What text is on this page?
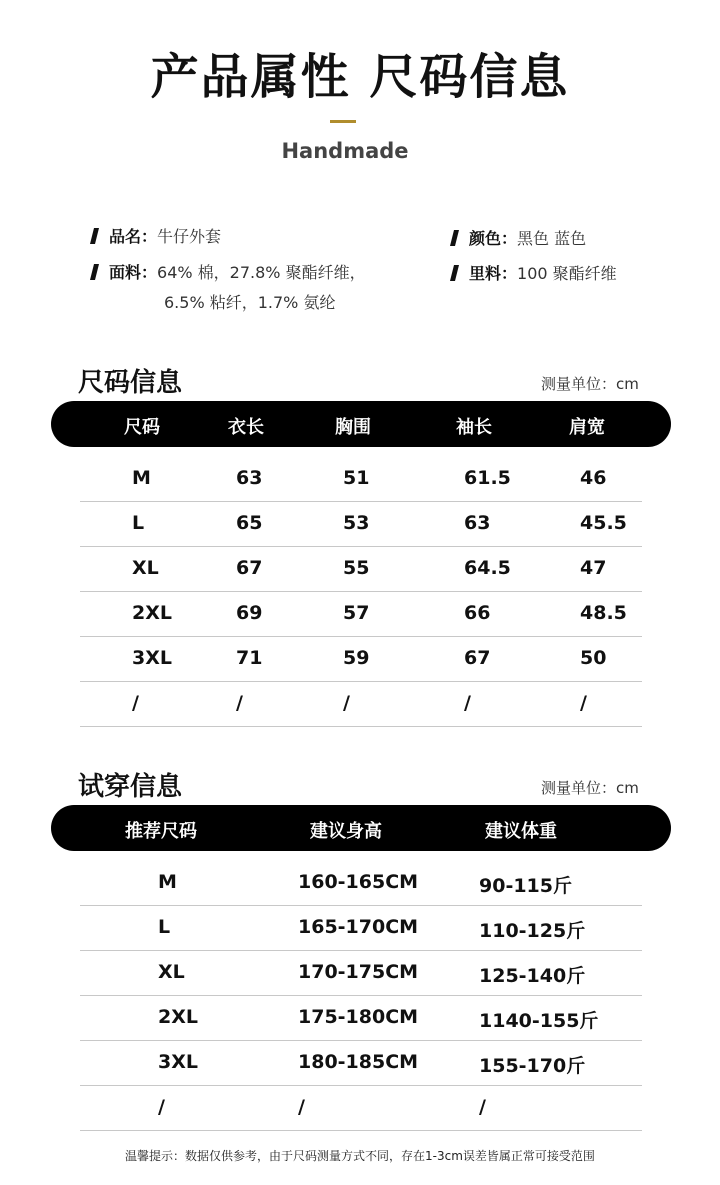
产品属性 尺码信息
Handmade
品名：牛仔外套	颜色：黑色 蓝色
面料：64% 棉，27.8% 聚酯纤维，
6.5% 粘纤，1.7% 氨纶
里料：100 聚酯纤维
尺码信息	测量单位：cm
尺码	衣长	胸围	袖长	肩宽
M	63	51	61.5	46
L	65	53	63	45.5
XL	67	55	64.5	47
2XL	69	57	66	48.5
3XL	71	59	67	50
/	/	/	/	/
试穿信息	测量单位：cm
推荐尺码	建议身高	建议体重
M	160-165CM	90-115斤
L	165-170CM	110-125斤
XL	170-175CM	125-140斤
2XL	175-180CM	1140-155斤
3XL	180-185CM	155-170斤
/	/	/
温馨提示：数据仅供参考，由于尺码测量方式不同，存在1-3cm误差皆属正常可接受范围
